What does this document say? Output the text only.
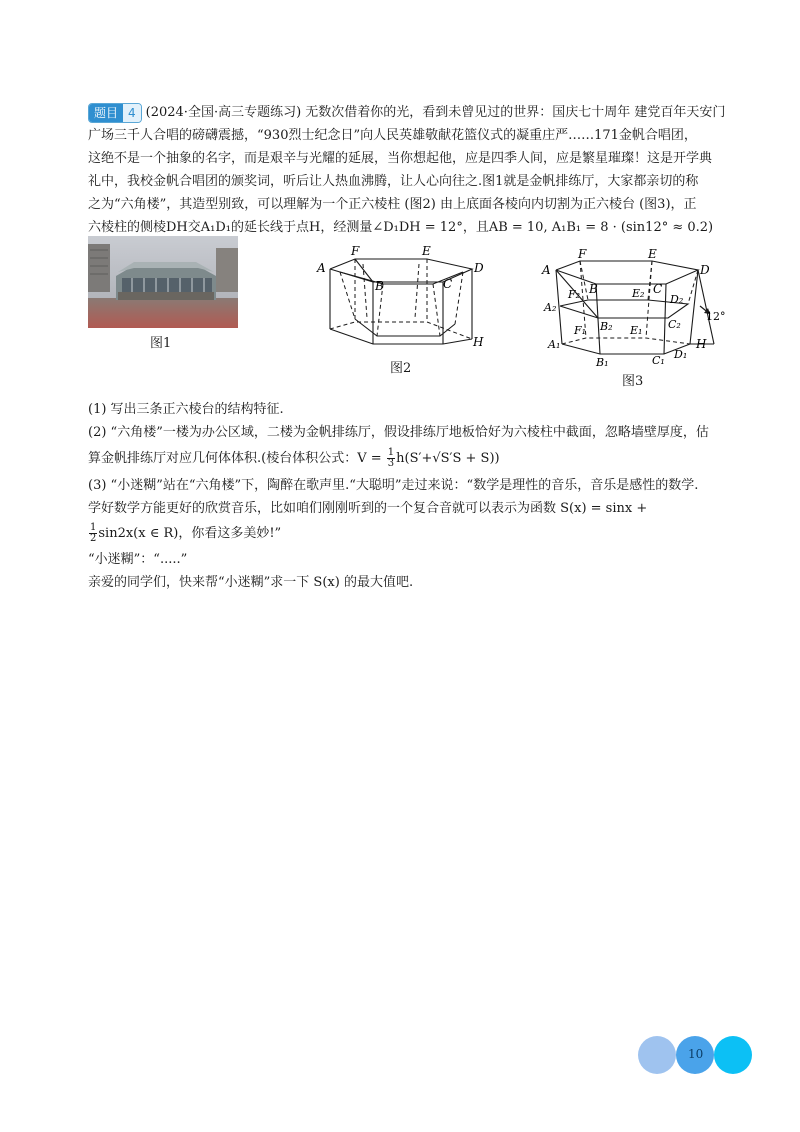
题目 4 (2024·全国·高三专题练习) 无数次借着你的光，看到未曾见过的世界：国庆七十周年 建党百年天安门
广场三千人合唱的磅礴震撼，“930烈士纪念日”向人民英雄敬献花篮仪式的凝重庄严……171金帆合唱团，
这绝不是一个抽象的名字，而是艰辛与光耀的延展，当你想起他，应是四季人间，应是繁星璀璨！这是开学典
礼中，我校金帆合唱团的颁奖词，听后让人热血沸腾，让人心向往之.图1就是金帆排练厅，大家都亲切的称
之为“六角楼”，其造型别致，可以理解为一个正六棱柱 (图2) 由上底面各棱向内切割为正六棱台 (图3)，正
六棱柱的侧棱DH交A₁D₁的延长线于点H，经测量∠D₁DH = 12°，且AB = 10, A₁B₁ = 8 · (sin12° ≈ 0.2)
图1
A
F	E
D
B	C
H
图2
A
F	E
D
B	C
F₂	E₂ D₂
A₂
B₂	C₂
F₁	E₁
A₁
B₁	C₁ D₁
H
12°
图3
(1) 写出三条正六棱台的结构特征.
(2) “六角楼”一楼为办公区域，二楼为金帆排练厅，假设排练厅地板恰好为六棱柱中截面，忽略墙壁厚度，估
算金帆排练厅对应几何体体积.(棱台体积公式：$V = \frac{1}{3} h(S'+√S'S + S)$)
(3) “小迷糊”站在“六角楼”下，陶醉在歌声里.“大聪明”走过来说：“数学是理性的音乐，音乐是感性的数学.
学好数学方能更好的欣赏音乐，比如咱们刚刚听到的一个复合音就可以表示为函数 S(x) = sinx +
$\frac{1}{2} \sin 2x(x$ ∈ R)，你看这多美妙!”
“小迷糊”：“.....”
亲爱的同学们，快来帮“小迷糊”求一下 S(x) 的最大值吧.
10
